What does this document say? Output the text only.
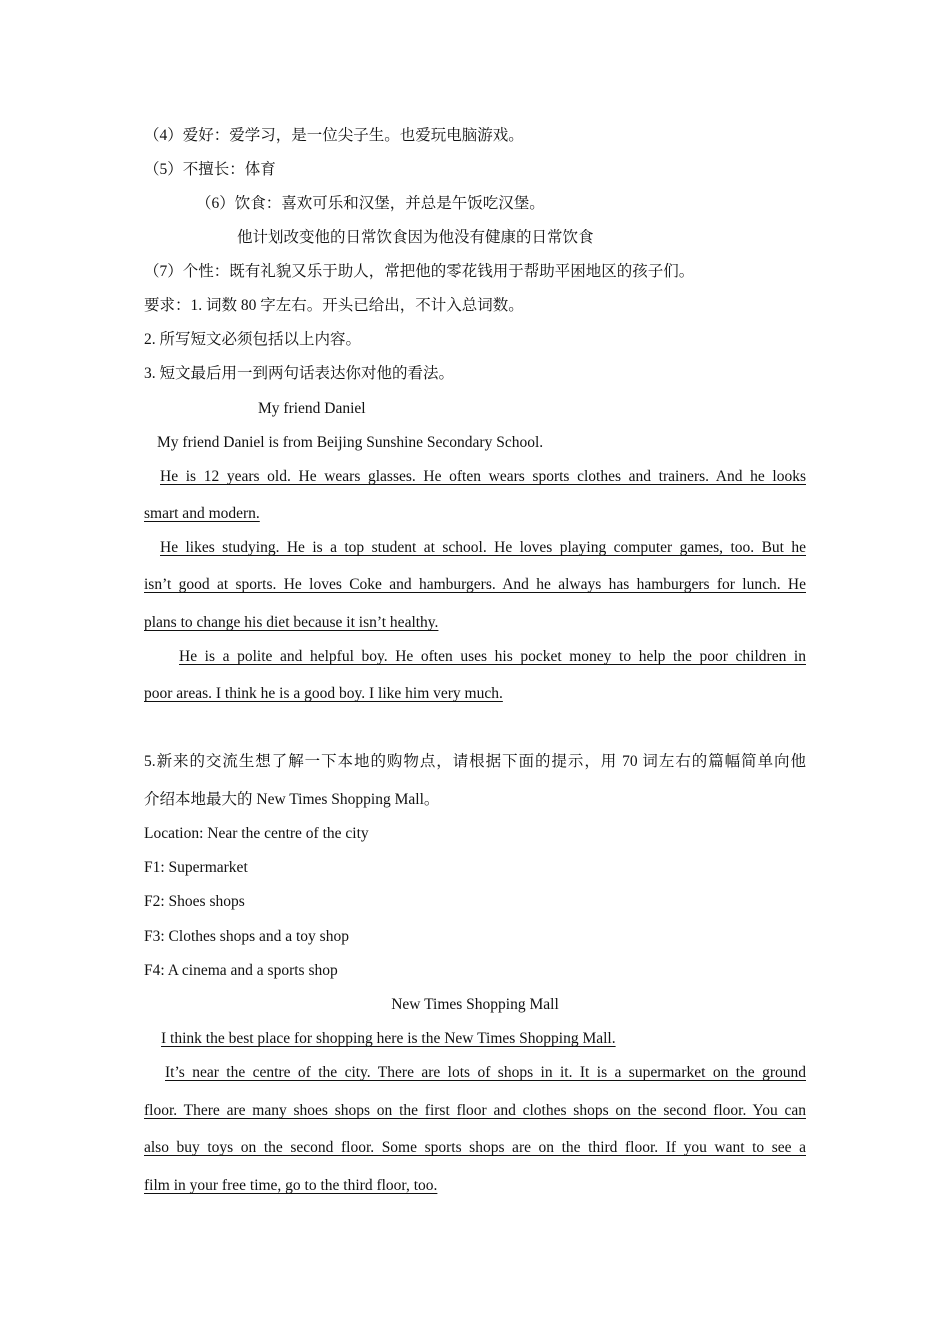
（4）爱好：爱学习，是一位尖子生。也爱玩电脑游戏。
（5）不擅长：体育
（6）饮食：喜欢可乐和汉堡，并总是午饭吃汉堡。
他计划改变他的日常饮食因为他没有健康的日常饮食
（7）个性：既有礼貌又乐于助人，常把他的零花钱用于帮助平困地区的孩子们。
要求：1. 词数 80 字左右。开头已给出，不计入总词数。
2. 所写短文必须包括以上内容。
3. 短文最后用一到两句话表达你对他的看法。
My friend Daniel
My friend Daniel is from Beijing Sunshine Secondary School.
He is 12 years old. He wears glasses. He often wears sports clothes and trainers. And he looks
smart and modern.
He likes studying. He is a top student at school. He loves playing computer games, too. But he
isn’t good at sports. He loves Coke and hamburgers. And he always has hamburgers for lunch. He
plans to change his diet because it isn’t healthy.
He is a polite and helpful boy. He often uses his pocket money to help the poor children in
poor areas. I think he is a good boy. I like him very much.
5.新来的交流生想了解一下本地的购物点，请根据下面的提示，用 70 词左右的篇幅简单向他
介绍本地最大的 New Times Shopping Mall。
Location: Near the centre of the city
F1: Supermarket
F2: Shoes shops
F3: Clothes shops and a toy shop
F4: A cinema and a sports shop
New Times Shopping Mall
I think the best place for shopping here is the New Times Shopping Mall.
It’s near the centre of the city. There are lots of shops in it. It is a supermarket on the ground
floor. There are many shoes shops on the first floor and clothes shops on the second floor. You can
also buy toys on the second floor. Some sports shops are on the third floor. If you want to see a
film in your free time, go to the third floor, too.
